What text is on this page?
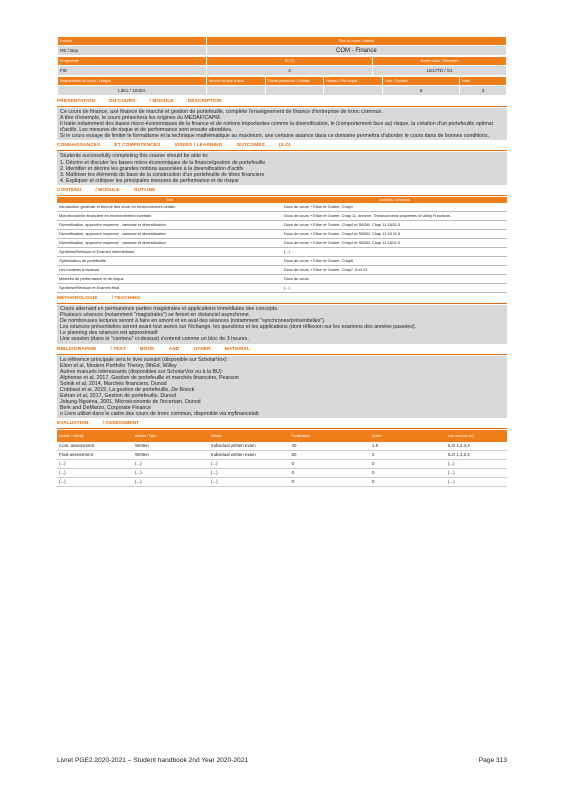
Faculté	Titre du cours / Intitulé
RE / Bay	COM - Finance
Programme	ECTS	Durée totale / Semestre
FIE	4	LEC/TD / S1
Responsable du cours / Langue	Heures de face à face	Travail personnel / Crédits	Niveau / Pré-requis	Lieu / Contact	Note
LIEU / 1030A				8	3
PRESENTATION	DU COURS	/ MODULE	DESCRIPTION
Ce cours de finance, axé finance de marché et gestion de portefeuille, complète l'enseignement de finance d'entreprise de tronc commun.
A titre d'exemple, le cours présentera les origines du MEDAF/CAPM.
Il traite notamment des bases micro-économiques de la finance et de notions importantes comme la diversification, le (comportement face au) risque, la création d'un portefeuille optimal d'actifs. Les mesures de risque et de performance sont ensuite abordées.
Si le cours essaye de limiter le formalisme et la technique mathématique au maximum, une certaine aisance dans ce domaine permettra d'aborder le cours dans de bonnes conditions.
CONNAISSANCES	ET COMPETENCES	VISEES / LEARNING	OUTCOMES	(ILO)
Students successfully completing this course should be able to:
1. Décrire et discuter les bases micro-économiques de la finance/gestion de portefeuille
2. Identifier et décrire les grandes notions associées à la diversification d'actifs
3. Maîtriser les éléments de base de la construction d'un portefeuille de titres financiers
4. Expliquer et critiquer les principales mesures de performance et de risque
CONTENU	/ MODULE	OUTLINE
Titre	Activités / Lectures
Introduction générale et théorie des choix en environnement certain	Docs de cours + Elton et Gruber, Chap1
Microéconomie financière en environnement incertain	Docs de cours + Elton et Gruber, Chap 11, annexe, Theoeconomic properties of Utility Functions.
Diversification, approche moyenne - variance et diversification	Docs de cours + Elton et Gruber, Chap4 et SBDM, Chap 11.18/11.5
Diversification, approche moyenne - variance et diversification	Docs de cours + Elton et Gruber, Chap4 et SBDM, Chap 11.18 11.5
Diversification, approche moyenne - variance et diversification	Docs de cours + Elton et Gruber, Chap4 et SBDM, Chap 11.18/11.5
Synthèse/Révision et Examen intermédiaire	(...)
Optimisation de portefeuille	Docs de cours + Elton et Gruber, Chap6
Les modèles à facteurs	Docs de cours + Elton et Gruber, Chap7, 8 et 13
Mesures de performance et de risque	Docs de cours
Synthèse/Révision et Examen final	(...)
METHODOLOGIE	/ TEACHING
Cours alternant en permanence parties magistrales et applications immédiates des concepts.
Plusieurs séances (notamment "magistrales") se feront en distanciel asynchrone.
De nombreuses lectures seront à faire en amont et en aval des séances (notamment "synchrones/présentielles").
Les séances présentielles seront avant tout axées sur l'échange, les questions et les applications (dont réflexion sur les examens des années passées).
Le planning des séances est approximatif
Une session (dans le "contenu" ci-dessus) s'entend comme un bloc de 3 heures.
BIBLIOGRAPHIE	/ TEXT	BOOK	AND	OTHER	MATERIAL
La référence principale sera le livre suivant (disponible sur ScholarVox) :
Elton et al, Modern Portfolio Theory, 9thEd, Willey
Autres manuels intéressants (disponibles sur ScholarVox ou à la BU):
Alphonse et al, 2017, Gestion de portefeuille et marchés financiers, Pearson
Solnik et al, 2014, Marchés financiers, Dunod
Cobbaut et al, 2015, La gestion de portefeuille, De Boeck
Estran et al, 2017, Gestion de portefeuille, Dunod
Jokung-Nguéna, 2001, Microéconomie de l'incertain, Dunod
Berk and DeMarzo, Corporate Finance
o Livre utilisé dans le cadre des cours de tronc commun, disponible via myfinancelab
EVALUATION	/ ASSESSMENT
Activité / Activity	Activité / Type	Détails	Pondération	Durée	Lien avec les ILO
Cont. assessment	Written	Individual written exam	40	1.5	ILO 1,2,3,4
Final assessment	Written	Individual written exam	60	2	ILO 1,2,3,4
(...)	(...)	(...)	0	0	(...)
(...)	(...)	(...)	0	0	(...)
(...)	(...)	(...)	0	0	(...)
Livret PGE2 2020-2021 – Student handbook 2nd Year 2020-2021	Page 313
